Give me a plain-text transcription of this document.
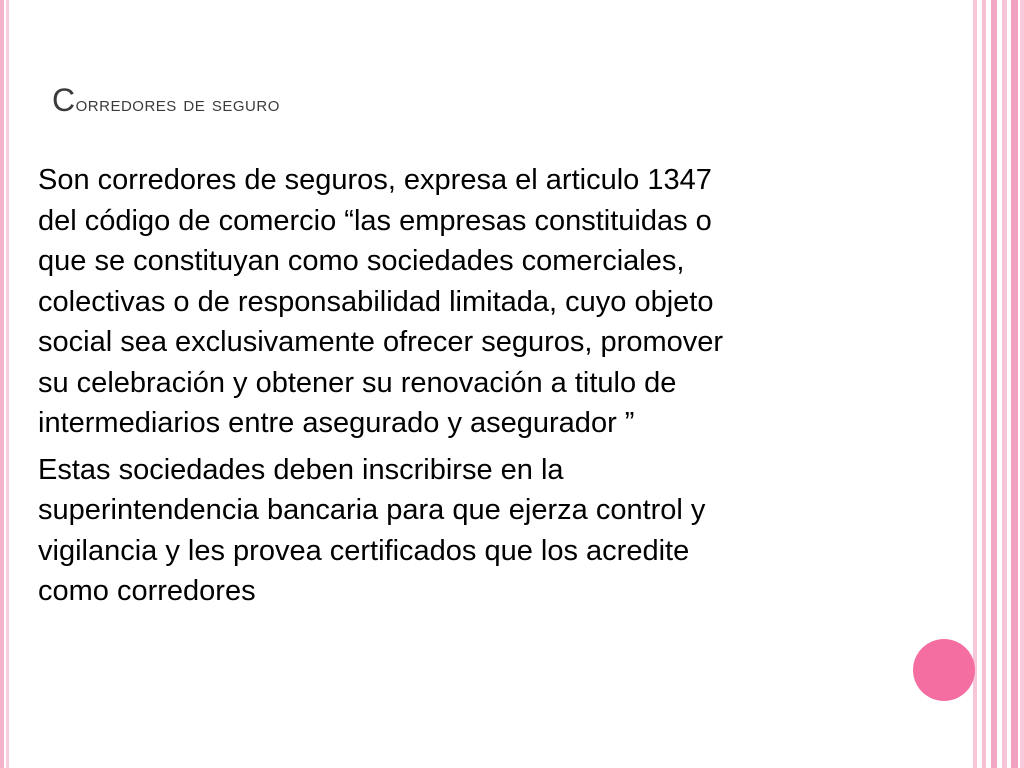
Corredores de seguro

Son corredores de seguros, expresa el articulo 1347
del código de comercio “las empresas constituidas o
que se constituyan como sociedades comerciales,
colectivas o de responsabilidad limitada, cuyo objeto
social sea exclusivamente ofrecer seguros, promover
su celebración y obtener su renovación a titulo de
intermediarios entre asegurado y asegurador ”

Estas sociedades deben inscribirse en la
superintendencia bancaria para que ejerza control y
vigilancia y les provea certificados que los acredite
como corredores
